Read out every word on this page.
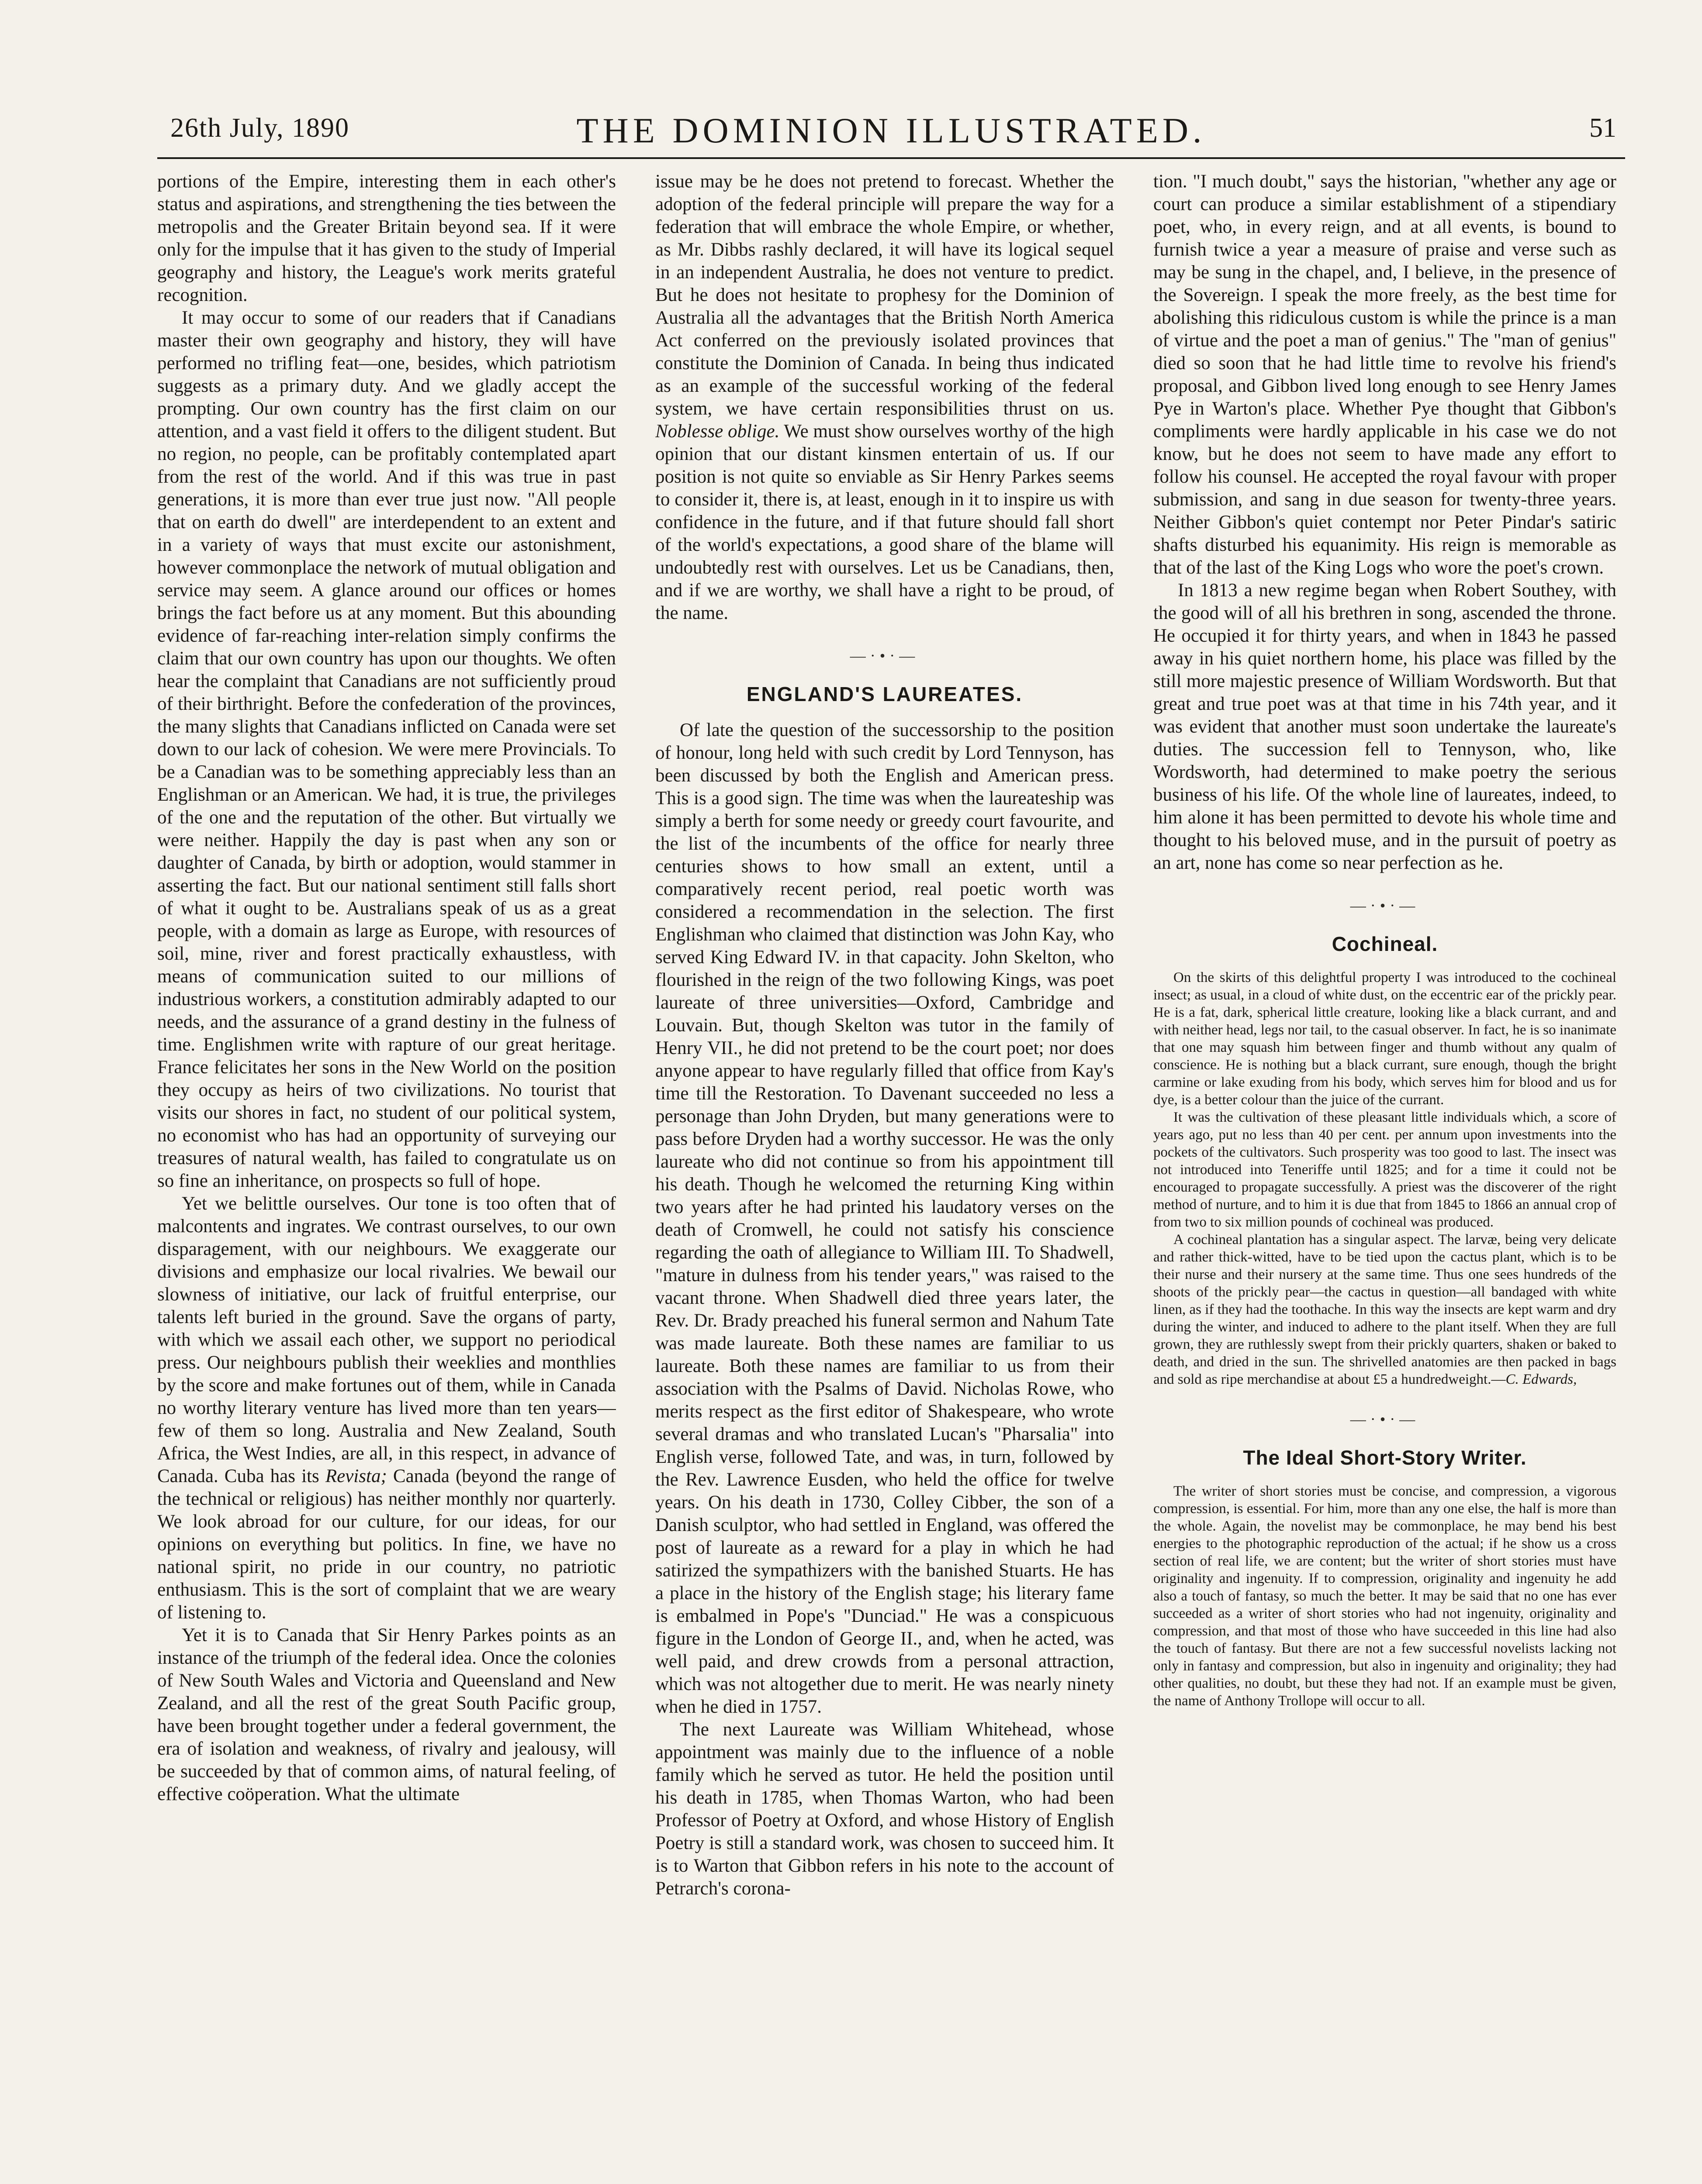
26th July, 1890	THE DOMINION ILLUSTRATED.	51

portions of the Empire, interesting them in each other's status and aspirations, and strengthening the ties between the metropolis and the Greater Britain beyond sea. If it were only for the impulse that it has given to the study of Imperial geography and history, the League's work merits grateful recognition.

It may occur to some of our readers that if Canadians master their own geography and history, they will have performed no trifling feat—one, besides, which patriotism suggests as a primary duty. And we gladly accept the prompting. Our own country has the first claim on our attention, and a vast field it offers to the diligent student. But no region, no people, can be profitably contemplated apart from the rest of the world. And if this was true in past generations, it is more than ever true just now. "All people that on earth do dwell" are interdependent to an extent and in a variety of ways that must excite our astonishment, however commonplace the network of mutual obligation and service may seem. A glance around our offices or homes brings the fact before us at any moment. But this abounding evidence of far-reaching inter-relation simply confirms the claim that our own country has upon our thoughts. We often hear the complaint that Canadians are not sufficiently proud of their birthright. Before the confederation of the provinces, the many slights that Canadians inflicted on Canada were set down to our lack of cohesion. We were mere Provincials. To be a Canadian was to be something appreciably less than an Englishman or an American. We had, it is true, the privileges of the one and the reputation of the other. But virtually we were neither. Happily the day is past when any son or daughter of Canada, by birth or adoption, would stammer in asserting the fact. But our national sentiment still falls short of what it ought to be. Australians speak of us as a great people, with a domain as large as Europe, with resources of soil, mine, river and forest practically exhaustless, with means of communication suited to our millions of industrious workers, a constitution admirably adapted to our needs, and the assurance of a grand destiny in the fulness of time. Englishmen write with rapture of our great heritage. France felicitates her sons in the New World on the position they occupy as heirs of two civilizations. No tourist that visits our shores in fact, no student of our political system, no economist who has had an opportunity of surveying our treasures of natural wealth, has failed to congratulate us on so fine an inheritance, on prospects so full of hope.

Yet we belittle ourselves. Our tone is too often that of malcontents and ingrates. We contrast ourselves, to our own disparagement, with our neighbours. We exaggerate our divisions and emphasize our local rivalries. We bewail our slowness of initiative, our lack of fruitful enterprise, our talents left buried in the ground. Save the organs of party, with which we assail each other, we support no periodical press. Our neighbours publish their weeklies and monthlies by the score and make fortunes out of them, while in Canada no worthy literary venture has lived more than ten years—few of them so long. Australia and New Zealand, South Africa, the West Indies, are all, in this respect, in advance of Canada. Cuba has its Revista; Canada (beyond the range of the technical or religious) has neither monthly nor quarterly. We look abroad for our culture, for our ideas, for our opinions on everything but politics. In fine, we have no national spirit, no pride in our country, no patriotic enthusiasm. This is the sort of complaint that we are weary of listening to.

Yet it is to Canada that Sir Henry Parkes points as an instance of the triumph of the federal idea. Once the colonies of New South Wales and Victoria and Queensland and New Zealand, and all the rest of the great South Pacific group, have been brought together under a federal government, the era of isolation and weakness, of rivalry and jealousy, will be succeeded by that of common aims, of natural feeling, of effective coöperation. What the ultimate

issue may be he does not pretend to forecast. Whether the adoption of the federal principle will prepare the way for a federation that will embrace the whole Empire, or whether, as Mr. Dibbs rashly declared, it will have its logical sequel in an independent Australia, he does not venture to predict. But he does not hesitate to prophesy for the Dominion of Australia all the advantages that the British North America Act conferred on the previously isolated provinces that constitute the Dominion of Canada. In being thus indicated as an example of the successful working of the federal system, we have certain responsibilities thrust on us. Noblesse oblige. We must show ourselves worthy of the high opinion that our distant kinsmen entertain of us. If our position is not quite so enviable as Sir Henry Parkes seems to consider it, there is, at least, enough in it to inspire us with confidence in the future, and if that future should fall short of the world's expectations, a good share of the blame will undoubtedly rest with ourselves. Let us be Canadians, then, and if we are worthy, we shall have a right to be proud, of the name.

—·•·—
ENGLAND'S LAUREATES.

Of late the question of the successorship to the position of honour, long held with such credit by Lord Tennyson, has been discussed by both the English and American press. This is a good sign. The time was when the laureateship was simply a berth for some needy or greedy court favourite, and the list of the incumbents of the office for nearly three centuries shows to how small an extent, until a comparatively recent period, real poetic worth was considered a recommendation in the selection. The first Englishman who claimed that distinction was John Kay, who served King Edward IV. in that capacity. John Skelton, who flourished in the reign of the two following Kings, was poet laureate of three universities—Oxford, Cambridge and Louvain. But, though Skelton was tutor in the family of Henry VII., he did not pretend to be the court poet; nor does anyone appear to have regularly filled that office from Kay's time till the Restoration. To Davenant succeeded no less a personage than John Dryden, but many generations were to pass before Dryden had a worthy successor. He was the only laureate who did not continue so from his appointment till his death. Though he welcomed the returning King within two years after he had printed his laudatory verses on the death of Cromwell, he could not satisfy his conscience regarding the oath of allegiance to William III. To Shadwell, "mature in dulness from his tender years," was raised to the vacant throne. When Shadwell died three years later, the Rev. Dr. Brady preached his funeral sermon and Nahum Tate was made laureate. Both these names are familiar to us laureate. Both these names are familiar to us from their association with the Psalms of David. Nicholas Rowe, who merits respect as the first editor of Shakespeare, who wrote several dramas and who translated Lucan's "Pharsalia" into English verse, followed Tate, and was, in turn, followed by the Rev. Lawrence Eusden, who held the office for twelve years. On his death in 1730, Colley Cibber, the son of a Danish sculptor, who had settled in England, was offered the post of laureate as a reward for a play in which he had satirized the sympathizers with the banished Stuarts. He has a place in the history of the English stage; his literary fame is embalmed in Pope's "Dunciad." He was a conspicuous figure in the London of George II., and, when he acted, was well paid, and drew crowds from a personal attraction, which was not altogether due to merit. He was nearly ninety when he died in 1757.

The next Laureate was William Whitehead, whose appointment was mainly due to the influence of a noble family which he served as tutor. He held the position until his death in 1785, when Thomas Warton, who had been Professor of Poetry at Oxford, and whose History of English Poetry is still a standard work, was chosen to succeed him. It is to Warton that Gibbon refers in his note to the account of Petrarch's corona-

tion. "I much doubt," says the historian, "whether any age or court can produce a similar establishment of a stipendiary poet, who, in every reign, and at all events, is bound to furnish twice a year a measure of praise and verse such as may be sung in the chapel, and, I believe, in the presence of the Sovereign. I speak the more freely, as the best time for abolishing this ridiculous custom is while the prince is a man of virtue and the poet a man of genius." The "man of genius" died so soon that he had little time to revolve his friend's proposal, and Gibbon lived long enough to see Henry James Pye in Warton's place. Whether Pye thought that Gibbon's compliments were hardly applicable in his case we do not know, but he does not seem to have made any effort to follow his counsel. He accepted the royal favour with proper submission, and sang in due season for twenty-three years. Neither Gibbon's quiet contempt nor Peter Pindar's satiric shafts disturbed his equanimity. His reign is memorable as that of the last of the King Logs who wore the poet's crown.

In 1813 a new regime began when Robert Southey, with the good will of all his brethren in song, ascended the throne. He occupied it for thirty years, and when in 1843 he passed away in his quiet northern home, his place was filled by the still more majestic presence of William Wordsworth. But that great and true poet was at that time in his 74th year, and it was evident that another must soon undertake the laureate's duties. The succession fell to Tennyson, who, like Wordsworth, had determined to make poetry the serious business of his life. Of the whole line of laureates, indeed, to him alone it has been permitted to devote his whole time and thought to his beloved muse, and in the pursuit of poetry as an art, none has come so near perfection as he.

—·•·—
Cochineal.

On the skirts of this delightful property I was introduced to the cochineal insect; as usual, in a cloud of white dust, on the eccentric ear of the prickly pear. He is a fat, dark, spherical little creature, looking like a black currant, and and with neither head, legs nor tail, to the casual observer. In fact, he is so inanimate that one may squash him between finger and thumb without any qualm of conscience. He is nothing but a black currant, sure enough, though the bright carmine or lake exuding from his body, which serves him for blood and us for dye, is a better colour than the juice of the currant.

It was the cultivation of these pleasant little individuals which, a score of years ago, put no less than 40 per cent. per annum upon investments into the pockets of the cultivators. Such prosperity was too good to last. The insect was not introduced into Teneriffe until 1825; and for a time it could not be encouraged to propagate successfully. A priest was the discoverer of the right method of nurture, and to him it is due that from 1845 to 1866 an annual crop of from two to six million pounds of cochineal was produced.

A cochineal plantation has a singular aspect. The larvæ, being very delicate and rather thick-witted, have to be tied upon the cactus plant, which is to be their nurse and their nursery at the same time. Thus one sees hundreds of the shoots of the prickly pear—the cactus in question—all bandaged with white linen, as if they had the toothache. In this way the insects are kept warm and dry during the winter, and induced to adhere to the plant itself. When they are full grown, they are ruthlessly swept from their prickly quarters, shaken or baked to death, and dried in the sun. The shrivelled anatomies are then packed in bags and sold as ripe merchandise at about £5 a hundredweight.—C. Edwards,

—·•·—
The Ideal Short-Story Writer.

The writer of short stories must be concise, and compression, a vigorous compression, is essential. For him, more than any one else, the half is more than the whole. Again, the novelist may be commonplace, he may bend his best energies to the photographic reproduction of the actual; if he show us a cross section of real life, we are content; but the writer of short stories must have originality and ingenuity. If to compression, originality and ingenuity he add also a touch of fantasy, so much the better. It may be said that no one has ever succeeded as a writer of short stories who had not ingenuity, originality and compression, and that most of those who have succeeded in this line had also the touch of fantasy. But there are not a few successful novelists lacking not only in fantasy and compression, but also in ingenuity and originality; they had other qualities, no doubt, but these they had not. If an example must be given, the name of Anthony Trollope will occur to all.
